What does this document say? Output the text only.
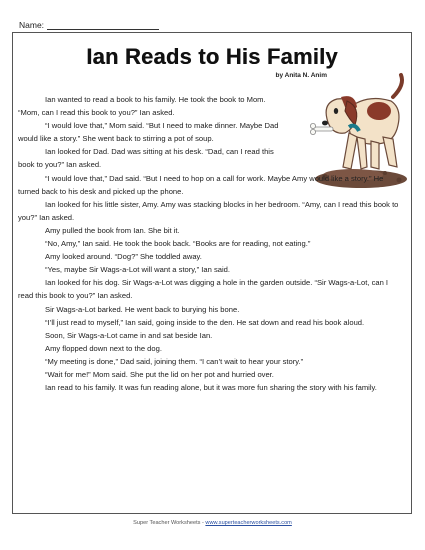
Name:
Ian Reads to His Family
by Anita N. Anim

Ian wanted to read a book to his family. He took the book to Mom. “Mom, can I read this book to you?” Ian asked.

“I would love that,” Mom said. “But I need to make dinner. Maybe Dad would like a story.” She went back to stirring a pot of soup.

Ian looked for Dad. Dad was sitting at his desk. “Dad, can I read this book to you?” Ian asked.

“I would love that,” Dad said. “But I need to hop on a call for work. Maybe Amy would like a story.” He turned back to his desk and picked up the phone.

Ian looked for his little sister, Amy. Amy was stacking blocks in her bedroom. “Amy, can I read this book to you?” Ian asked.

Amy pulled the book from Ian. She bit it.

“No, Amy,” Ian said. He took the book back. “Books are for reading, not eating.”

Amy looked around. “Dog?” She toddled away.

“Yes, maybe Sir Wags-a-Lot will want a story,” Ian said.

Ian looked for his dog. Sir Wags-a-Lot was digging a hole in the garden outside. “Sir Wags-a-Lot, can I read this book to you?” Ian asked.

Sir Wags-a-Lot barked. He went back to burying his bone.

“I’ll just read to myself,” Ian said, going inside to the den. He sat down and read his book aloud.

Soon, Sir Wags-a-Lot came in and sat beside Ian.

Amy flopped down next to the dog.

“My meeting is done,” Dad said, joining them. “I can’t wait to hear your story.”

“Wait for me!” Mom said. She put the lid on her pot and hurried over.

Ian read to his family. It was fun reading alone, but it was more fun sharing the story with his family.

Super Teacher Worksheets - www.superteacherworksheets.com
